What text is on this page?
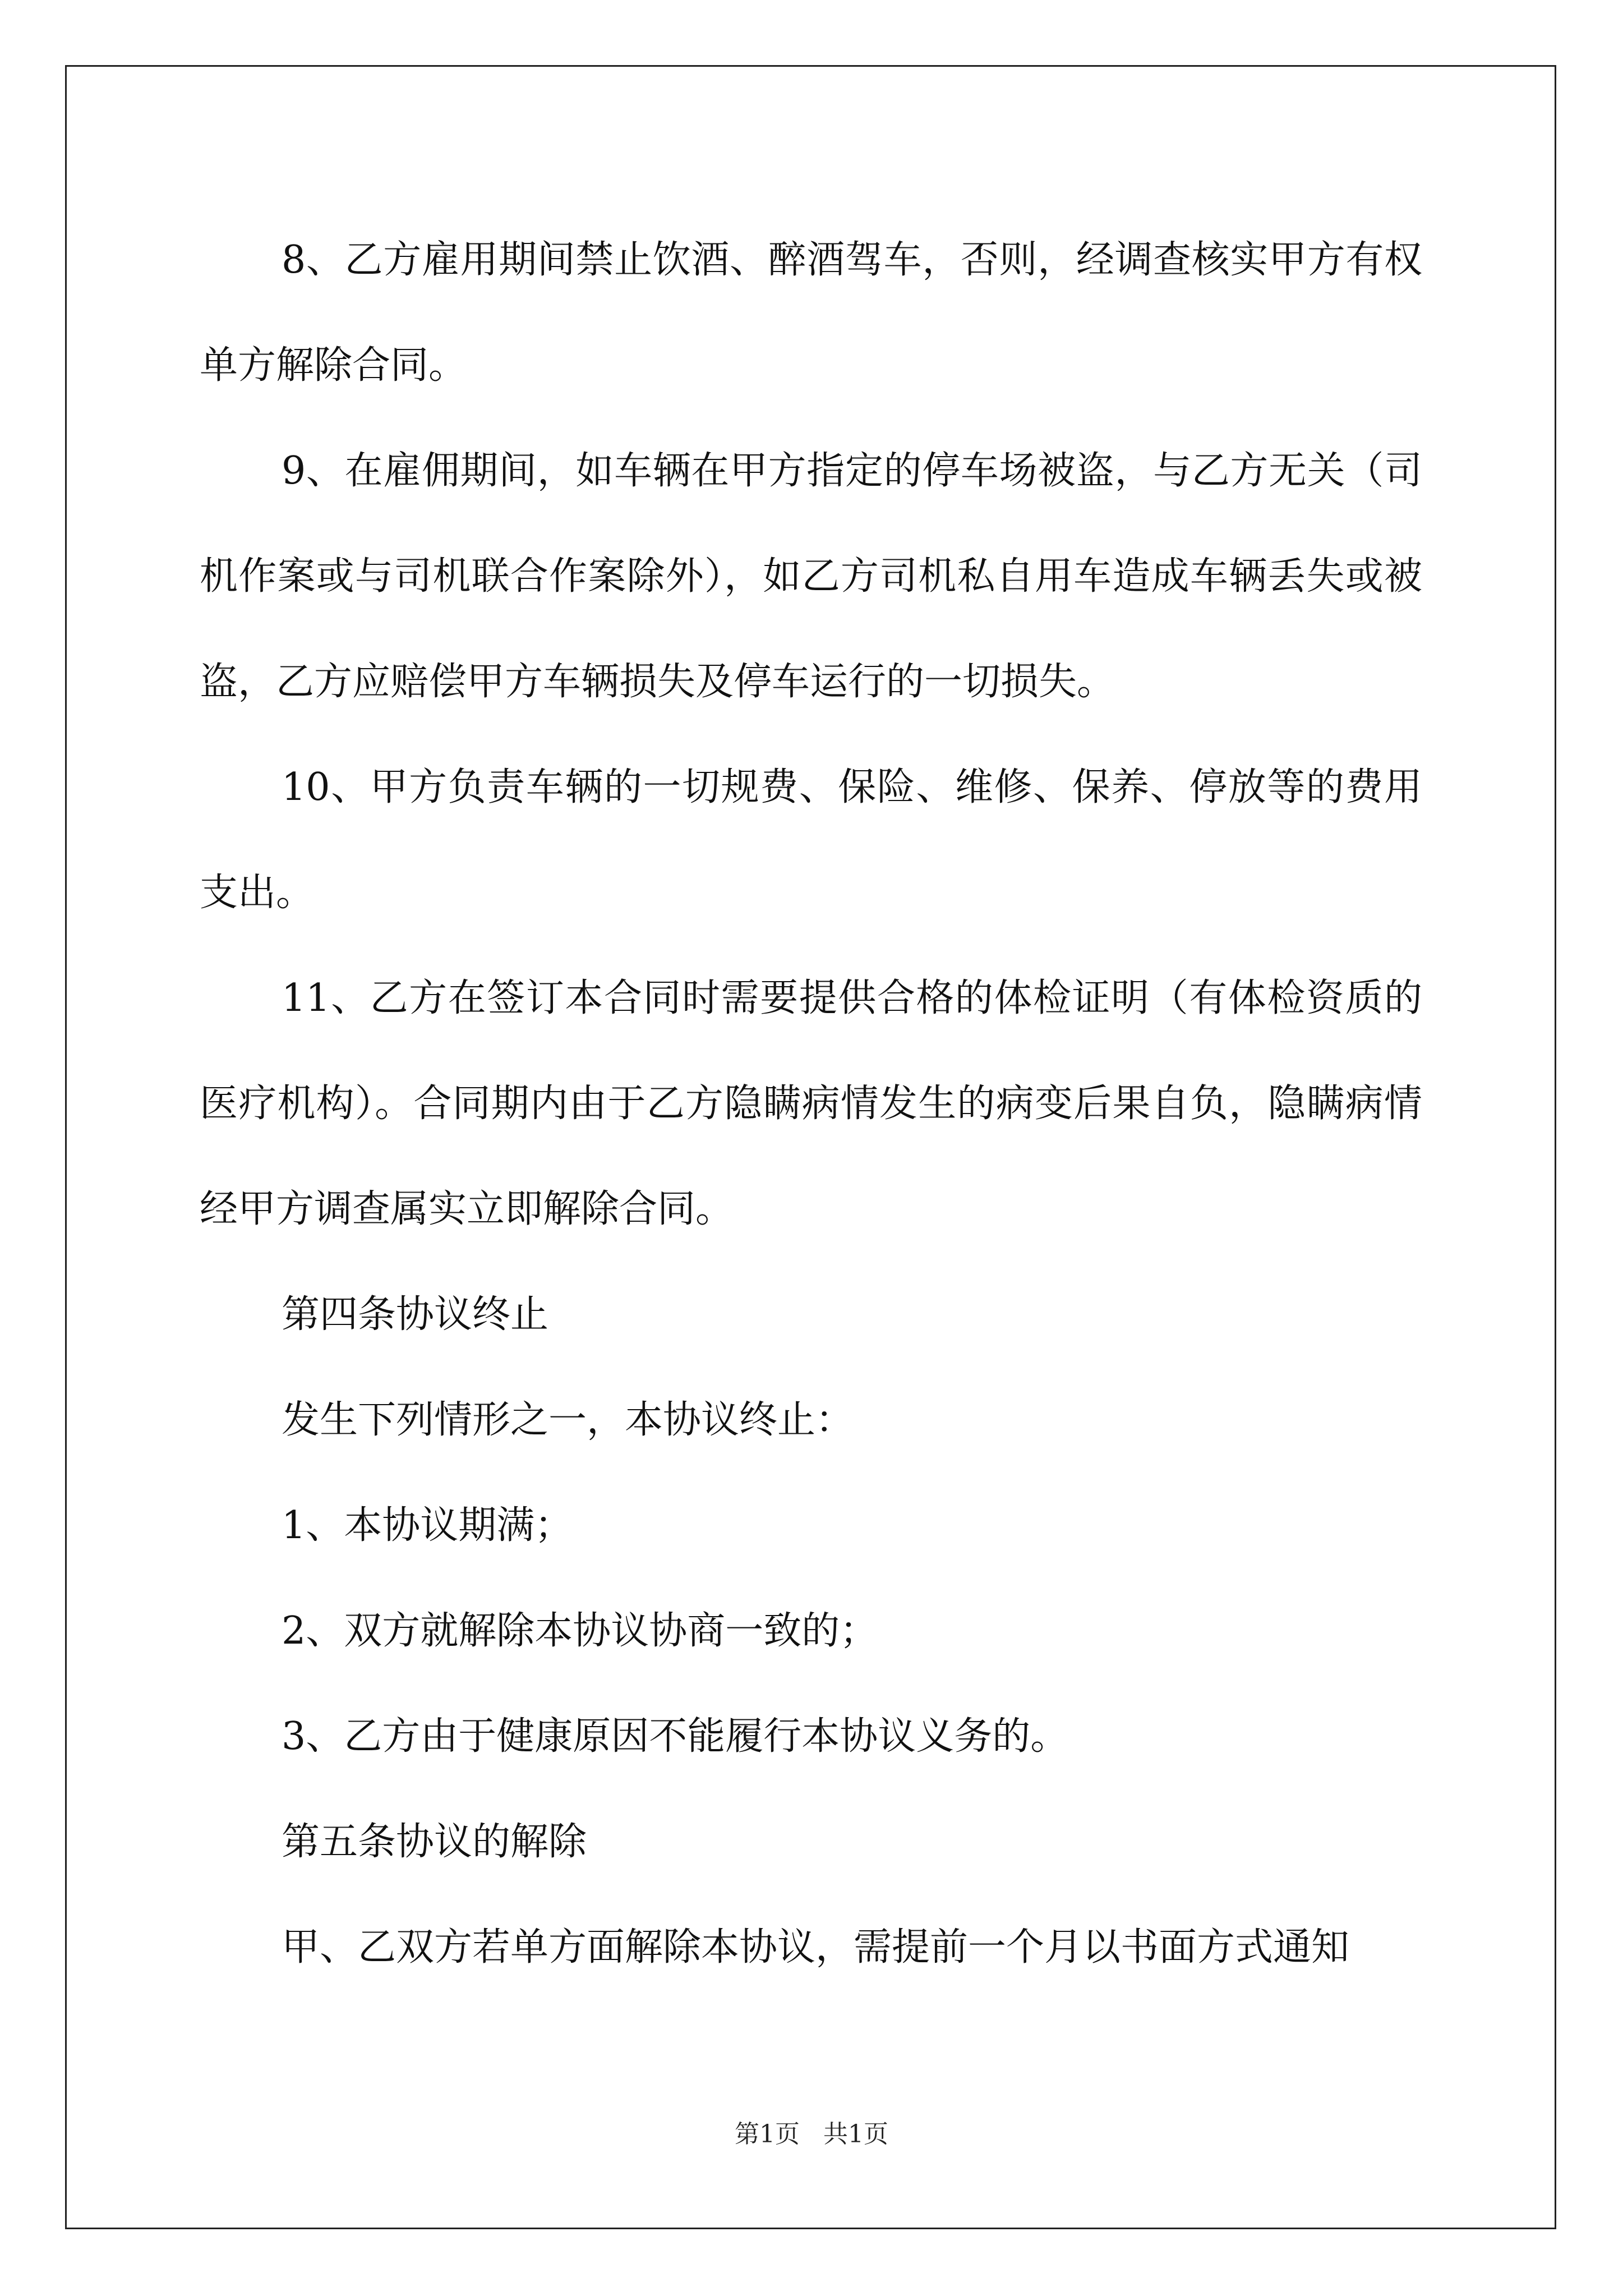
8、乙方雇用期间禁止饮酒、醉酒驾车，否则，经调查核实甲方有权单方解除合同。

9、在雇佣期间，如车辆在甲方指定的停车场被盗，与乙方无关（司机作案或与司机联合作案除外），如乙方司机私自用车造成车辆丢失或被盗，乙方应赔偿甲方车辆损失及停车运行的一切损失。

10、甲方负责车辆的一切规费、保险、维修、保养、停放等的费用支出。

11、乙方在签订本合同时需要提供合格的体检证明（有体检资质的医疗机构）。合同期内由于乙方隐瞒病情发生的病变后果自负，隐瞒病情经甲方调查属实立即解除合同。

第四条协议终止

发生下列情形之一，本协议终止：

1、本协议期满；

2、双方就解除本协议协商一致的；

3、乙方由于健康原因不能履行本协议义务的。

第五条协议的解除

甲、乙双方若单方面解除本协议，需提前一个月以书面方式通知

第1页 共1页
